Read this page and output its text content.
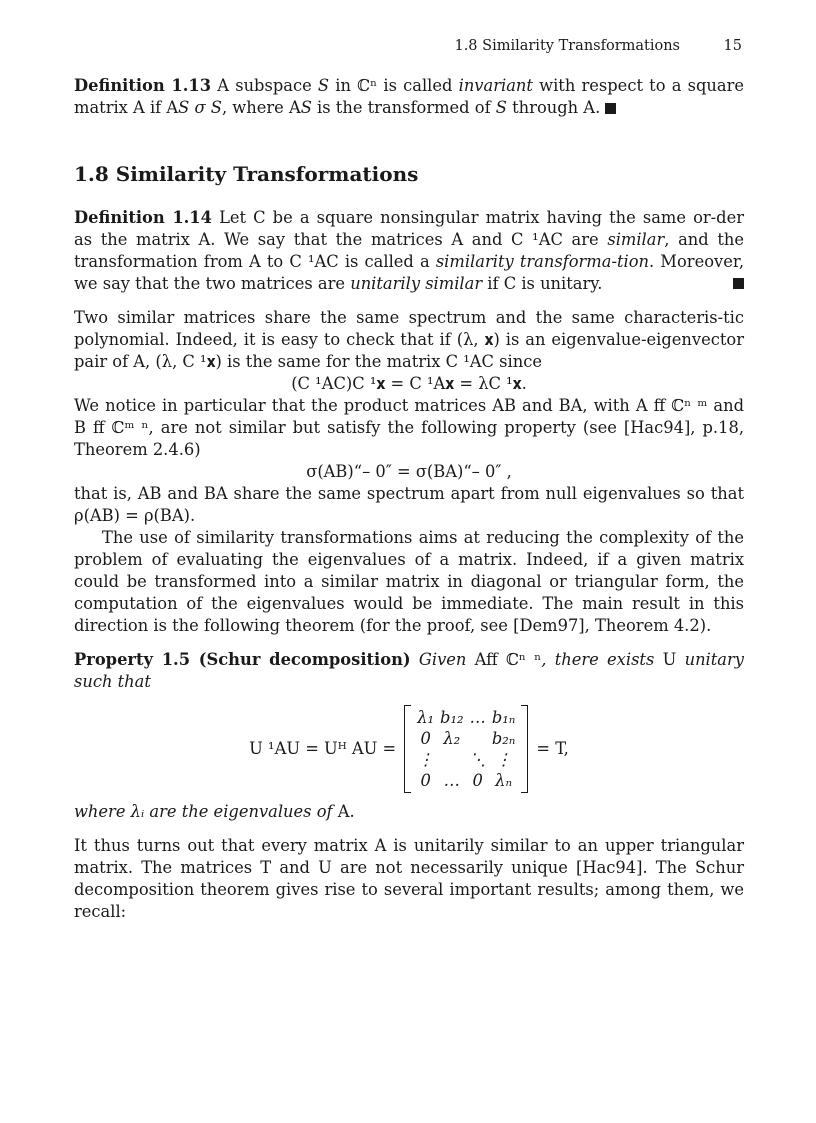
1.8 Similarity Transformations	15

Definition 1.13 A subspace S in ℂⁿ is called invariant with respect to a square matrix A if AS σ S, where AS is the transformed of S through A.

1.8 Similarity Transformations

Definition 1.14 Let C be a square nonsingular matrix having the same or-der as the matrix A. We say that the matrices A and C ¹AC are similar, and the transformation from A to C ¹AC is called a similarity transforma-tion. Moreover, we say that the two matrices are unitarily similar if C is unitary.

Two similar matrices share the same spectrum and the same characteris-tic polynomial. Indeed, it is easy to check that if (λ, 𝐱) is an eigenvalue-eigenvector pair of A, (λ, C ¹𝐱) is the same for the matrix C ¹AC since

(C ¹AC)C ¹𝐱 = C ¹A𝐱 = λC ¹𝐱.

We notice in particular that the product matrices AB and BA, with A ﬀ ℂⁿ ᵐ and B ﬀ ℂᵐ ⁿ, are not similar but satisfy the following property (see [Hac94], p.18, Theorem 2.4.6)

σ(AB)“– 0″ = σ(BA)“– 0″ ,

that is, AB and BA share the same spectrum apart from null eigenvalues so that ρ(AB) = ρ(BA).

The use of similarity transformations aims at reducing the complexity of the problem of evaluating the eigenvalues of a matrix. Indeed, if a given matrix could be transformed into a similar matrix in diagonal or triangular form, the computation of the eigenvalues would be immediate. The main result in this direction is the following theorem (for the proof, see [Dem97], Theorem 4.2).

Property 1.5 (Schur decomposition) Given Aﬀ ℂⁿ ⁿ, there exists U unitary such that

U ¹AU = Uᴴ AU =
λ₁	b₁₂	…	b₁ₙ
0	λ₂		b₂ₙ
⋮		⋱	⋮
0	…	0	λₙ
= T,

where λᵢ are the eigenvalues of A.

It thus turns out that every matrix A is unitarily similar to an upper triangular matrix. The matrices T and U are not necessarily unique [Hac94]. The Schur decomposition theorem gives rise to several important results; among them, we recall:
